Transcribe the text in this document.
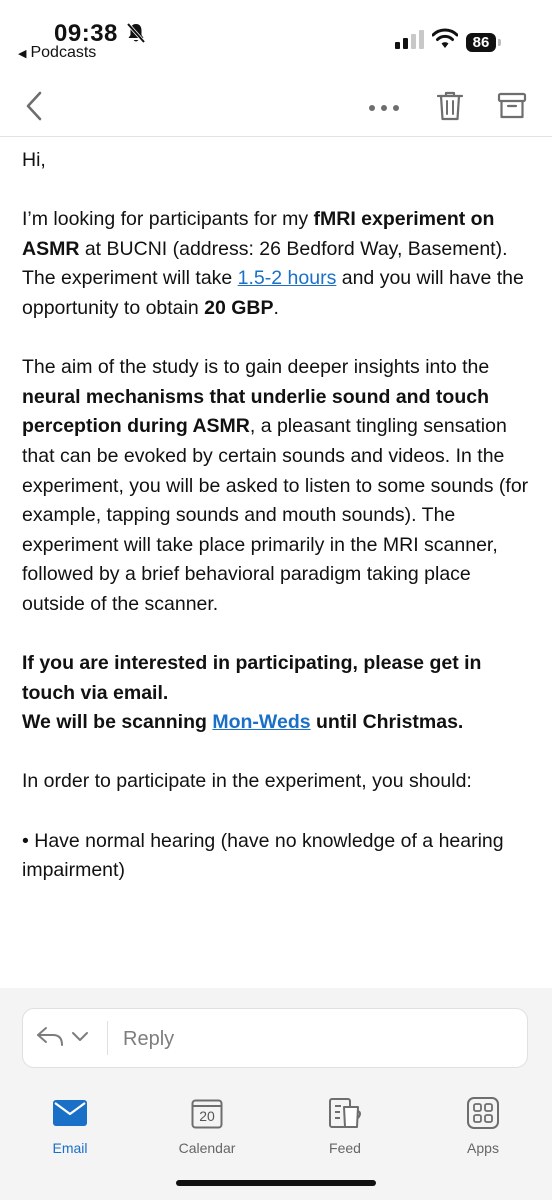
09:38
◀ Podcasts
86

Hi,

I’m looking for participants for my fMRI experiment on ASMR at BUCNI (address: 26 Bedford Way, Basement). The experiment will take 1.5-2 hours and you will have the opportunity to obtain 20 GBP.

The aim of the study is to gain deeper insights into the neural mechanisms that underlie sound and touch perception during ASMR, a pleasant tingling sensation that can be evoked by certain sounds and videos. In the experiment, you will be asked to listen to some sounds (for example, tapping sounds and mouth sounds). The experiment will take place primarily in the MRI scanner, followed by a brief behavioral paradigm taking place outside of the scanner.

If you are interested in participating, please get in touch via email.
We will be scanning Mon-Weds until Christmas.

In order to participate in the experiment, you should:

• Have normal hearing (have no knowledge of a hearing impairment)

Reply
Email
20
Calendar	Feed	Apps
